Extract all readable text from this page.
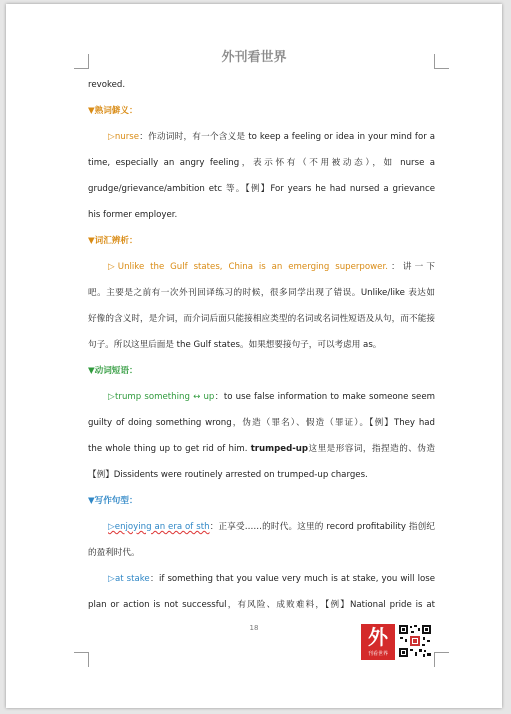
外刊看世界
revoked.
▼熟词僻义：
▷nurse：作动词时，有一个含义是 to keep a feeling or idea in your mind for a
time, especially an angry feeling，表示怀有（不用被动态），如 nurse a
grudge/grievance/ambition etc 等。【例】For years he had nursed a grievance
his former employer.
▼词汇辨析：
▷Unlike the Gulf states, China is an emerging superpower.：讲一下
吧。主要是之前有一次外刊回译练习的时候，很多同学出现了错误。Unlike/like 表达如
好像的含义时，是介词，而介词后面只能接相应类型的名词或名词性短语及从句，而不能接
句子。所以这里后面是 the Gulf states。如果想要接句子，可以考虑用 as。
▼动词短语：
▷trump something ↔ up：to use false information to make someone seem
guilty of doing something wrong，伪造（罪名）、假造（罪证）。【例】They had
the whole thing up to get rid of him. trumped-up这里是形容词，指捏造的、伪造
【例】Dissidents were routinely arrested on trumped-up charges.
▼写作句型：
▷enjoying an era of sth：正享受……的时代。这里的 record profitability 指创纪
的盈利时代。
▷at stake：if something that you value very much is at stake, you will lose
plan or action is not successful，有风险、成败难料，【例】National pride is at
18	外
刊看世界
